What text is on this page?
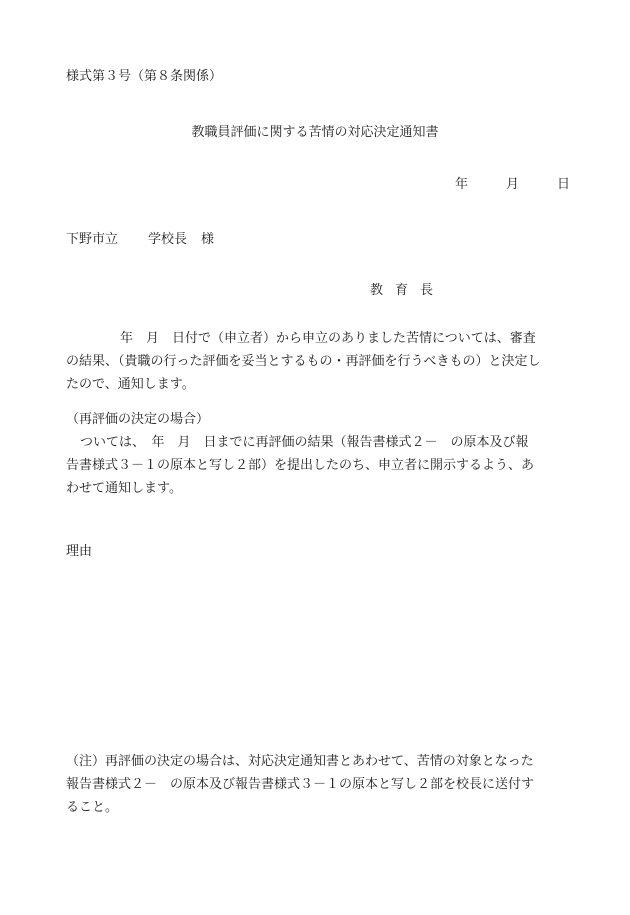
様式第３号（第８条関係）
教職員評価に関する苦情の対応決定通知書
年	月	日
下野市立 学校長 様
教育長
年　月　日付で（申立者）から申立のありました苦情については、審査
の結果、（貴職の行った評価を妥当とするもの・再評価を行うべきもの）と決定し
たので、通知します。
（再評価の決定の場合）
ついては、　年　月　日までに再評価の結果（報告書様式２－　の原本及び報
告書様式３－１の原本と写し２部）を提出したのち、申立者に開示するよう、あ
わせて通知します。
理由
（注）再評価の決定の場合は、対応決定通知書とあわせて、苦情の対象となった
報告書様式２－　の原本及び報告書様式３－１の原本と写し２部を校長に送付す
ること。
